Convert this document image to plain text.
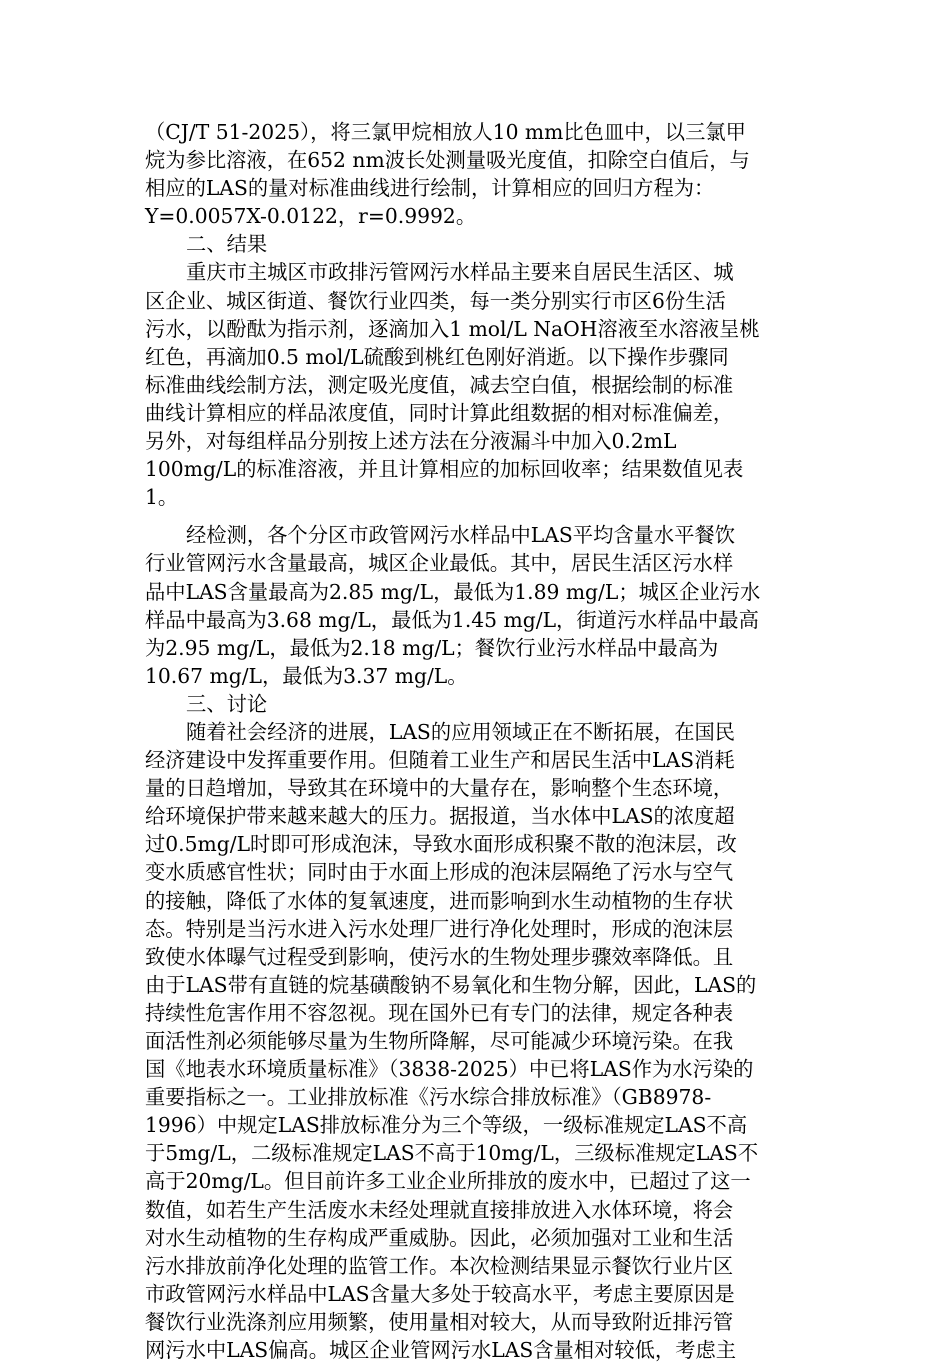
（CJ/T 51-2025），将三氯甲烷相放人10 mm比色皿中，以三氯甲
烷为参比溶液，在652 nm波长处测量吸光度值，扣除空白值后，与
相应的LAS的量对标准曲线进行绘制，计算相应的回归方程为：
Y=0.0057X-0.0122，r=0.9992。
二、结果
重庆市主城区市政排污管网污水样品主要来自居民生活区、城
区企业、城区街道、餐饮行业四类，每一类分别实行市区6份生活
污水，以酚酞为指示剂，逐滴加入1 mol/L NaOH溶液至水溶液呈桃
红色，再滴加0.5 mol/L硫酸到桃红色刚好消逝。以下操作步骤同
标准曲线绘制方法，测定吸光度值，减去空白值，根据绘制的标准
曲线计算相应的样品浓度值，同时计算此组数据的相对标准偏差，
另外，对每组样品分别按上述方法在分液漏斗中加入0.2mL
100mg/L的标准溶液，并且计算相应的加标回收率；结果数值见表
1。
经检测，各个分区市政管网污水样品中LAS平均含量水平餐饮
行业管网污水含量最高，城区企业最低。其中，居民生活区污水样
品中LAS含量最高为2.85 mg/L，最低为1.89 mg/L；城区企业污水
样品中最高为3.68 mg/L，最低为1.45 mg/L，街道污水样品中最高
为2.95 mg/L，最低为2.18 mg/L；餐饮行业污水样品中最高为
10.67 mg/L，最低为3.37 mg/L。
三、讨论
随着社会经济的进展，LAS的应用领域正在不断拓展，在国民
经济建设中发挥重要作用。但随着工业生产和居民生活中LAS消耗
量的日趋增加，导致其在环境中的大量存在，影响整个生态环境，
给环境保护带来越来越大的压力。据报道，当水体中LAS的浓度超
过0.5mg/L时即可形成泡沫，导致水面形成积聚不散的泡沫层，改
变水质感官性状；同时由于水面上形成的泡沫层隔绝了污水与空气
的接触，降低了水体的复氧速度，进而影响到水生动植物的生存状
态。特别是当污水进入污水处理厂进行净化处理时，形成的泡沫层
致使水体曝气过程受到影响，使污水的生物处理步骤效率降低。且
由于LAS带有直链的烷基磺酸钠不易氧化和生物分解，因此，LAS的
持续性危害作用不容忽视。现在国外已有专门的法律，规定各种表
面活性剂必须能够尽量为生物所降解，尽可能减少环境污染。在我
国《地表水环境质量标准》（3838-2025）中已将LAS作为水污染的
重要指标之一。工业排放标准《污水综合排放标准》（GB8978-
1996）中规定LAS排放标准分为三个等级，一级标准规定LAS不高
于5mg/L，二级标准规定LAS不高于10mg/L，三级标准规定LAS不
高于20mg/L。但目前许多工业企业所排放的废水中，已超过了这一
数值，如若生产生活废水未经处理就直接排放进入水体环境，将会
对水生动植物的生存构成严重威胁。因此，必须加强对工业和生活
污水排放前净化处理的监管工作。本次检测结果显示餐饮行业片区
市政管网污水样品中LAS含量大多处于较高水平，考虑主要原因是
餐饮行业洗涤剂应用频繁，使用量相对较大，从而导致附近排污管
网污水中LAS偏高。城区企业管网污水LAS含量相对较低，考虑主
